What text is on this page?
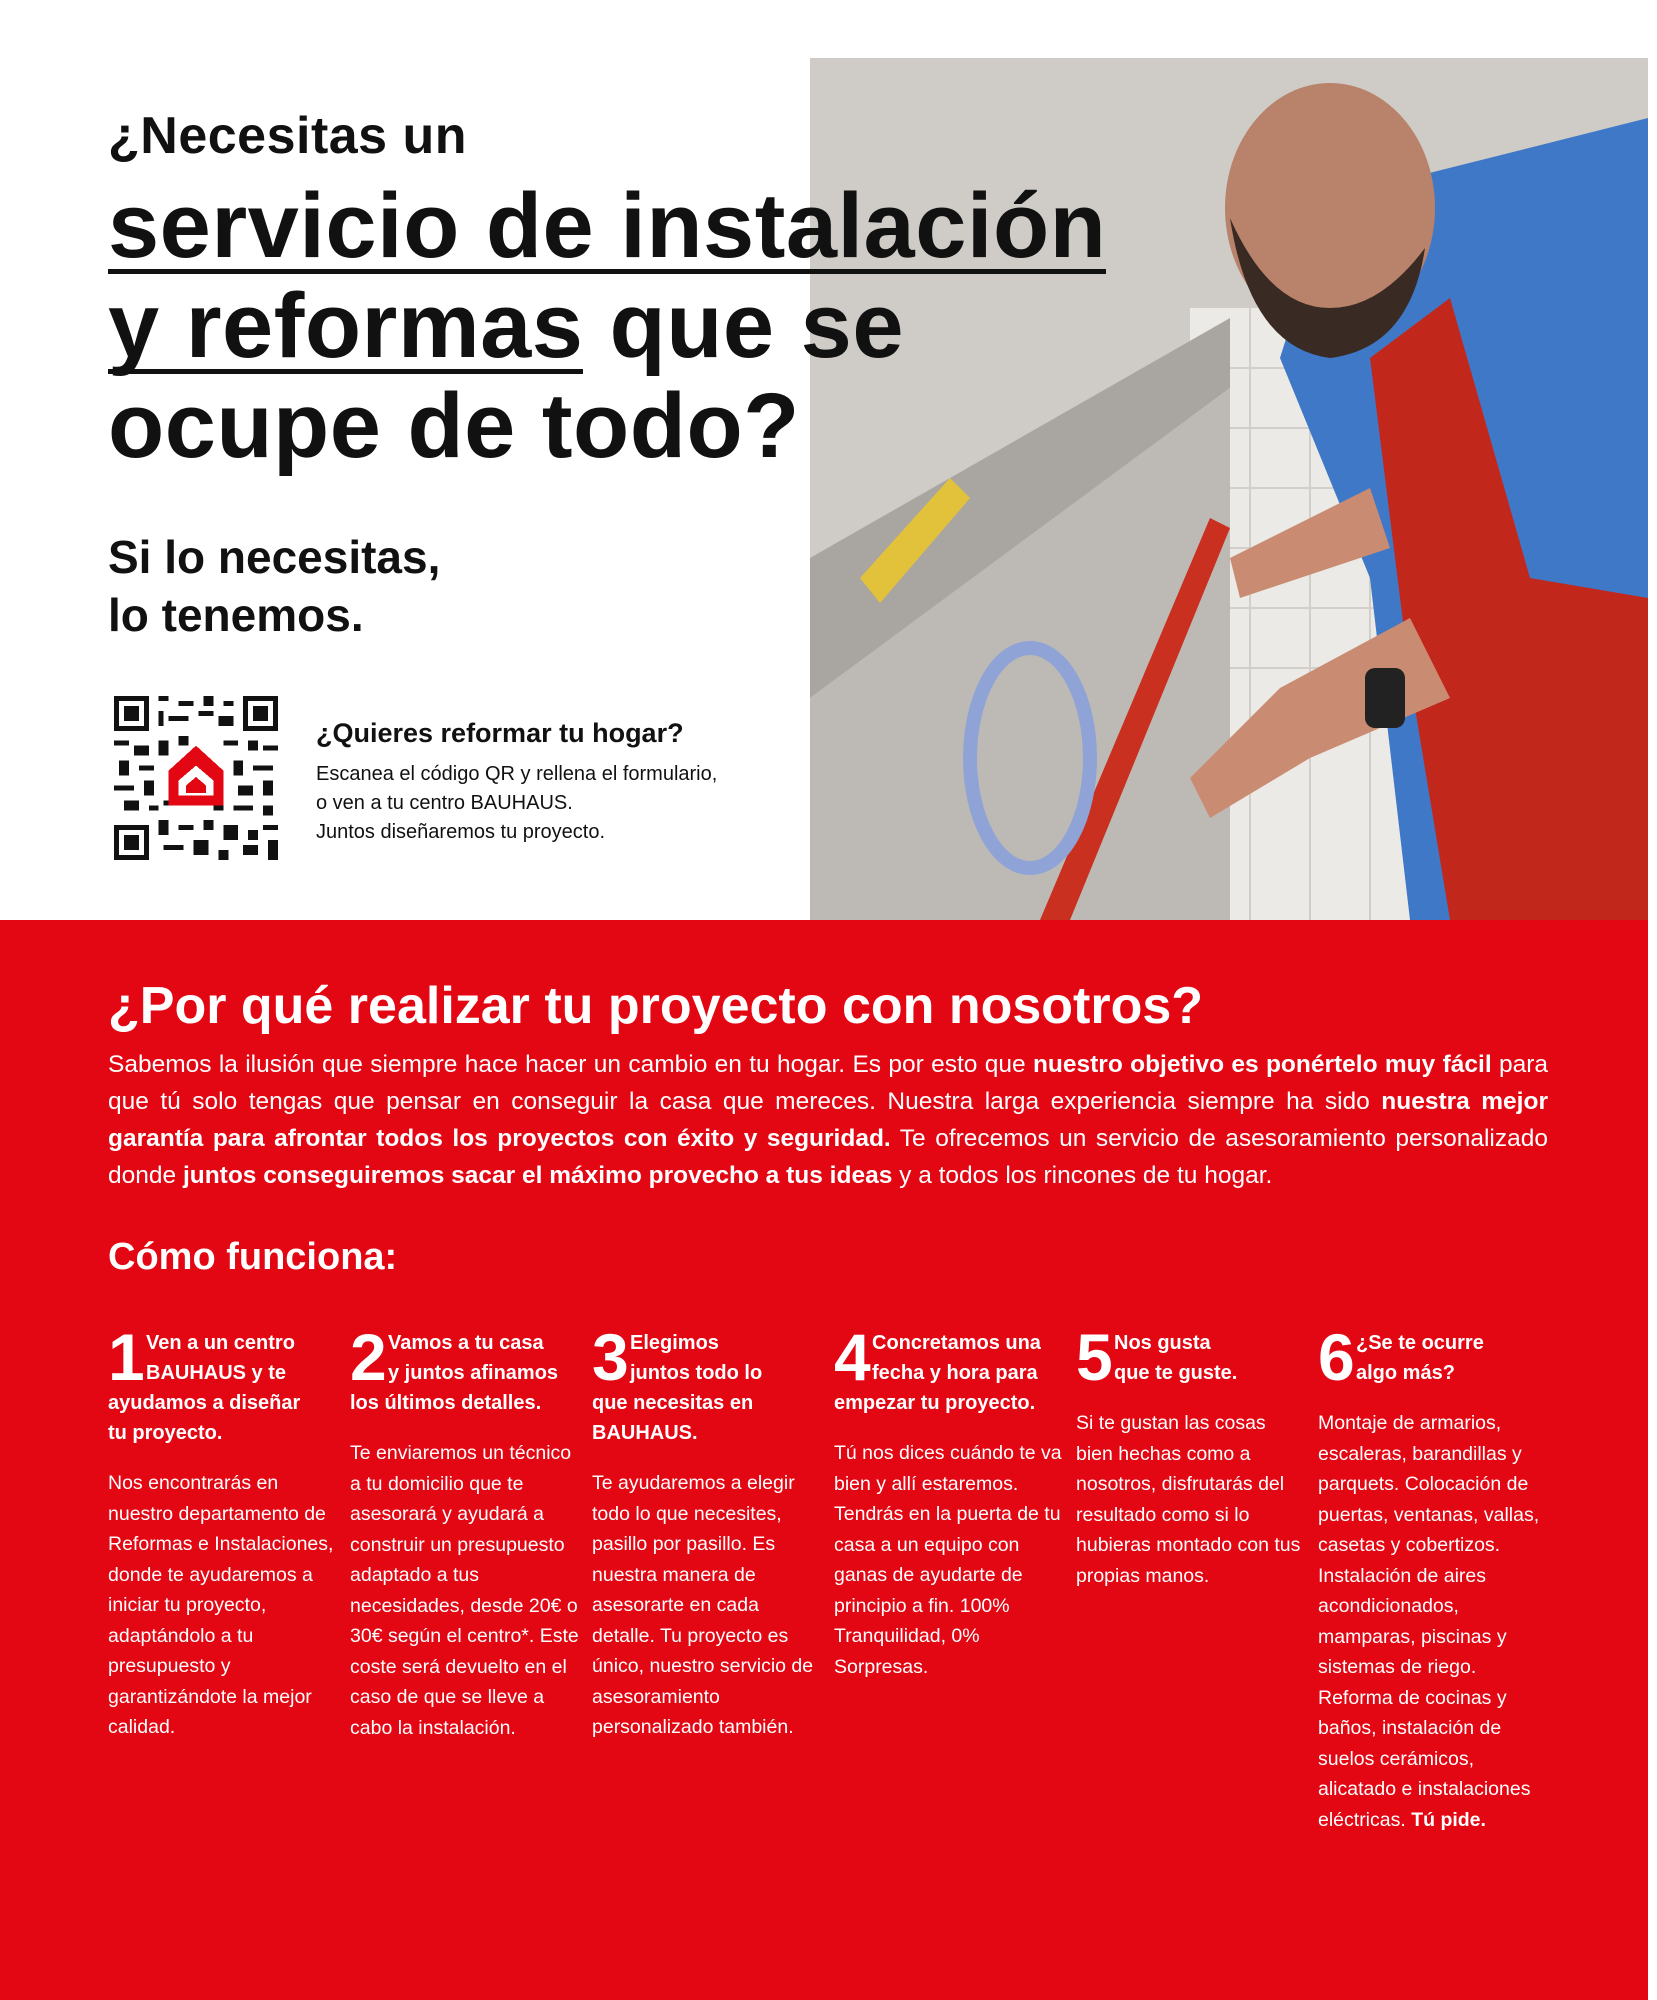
¿Necesitas un
servicio de instalación
y reformas que se
ocupe de todo?
Si lo necesitas,
lo tenemos.
¿Quieres reformar tu hogar?
Escanea el código QR y rellena el formulario,
o ven a tu centro BAUHAUS.
Juntos diseñaremos tu proyecto.
¿Por qué realizar tu proyecto con nosotros?
Sabemos la ilusión que siempre hace hacer un cambio en tu hogar. Es por esto que nuestro objetivo es ponértelo muy fácil para que tú solo tengas que pensar en conseguir la casa que mereces. Nuestra larga experiencia siempre ha sido nuestra mejor garantía para afrontar todos los proyectos con éxito y seguridad. Te ofrecemos un servicio de asesoramiento personalizado donde juntos conseguiremos sacar el máximo provecho a tus ideas y a todos los rincones de tu hogar.
Cómo funciona:
1 Ven a un centro
BAUHAUS y te
ayudamos a diseñar
tu proyecto.
Nos encontrarás en nuestro departamento de Reformas e Instalaciones, donde te ayudaremos a iniciar tu proyecto, adaptándolo a tu presupuesto y garantizándote la mejor calidad.
2 Vamos a tu casa
y juntos afinamos
los últimos detalles.
Te enviaremos un técnico a tu domicilio que te asesorará y ayudará a construir un presupuesto adaptado a tus necesidades, desde 20€ o 30€ según el centro*. Este coste será devuelto en el caso de que se lleve a cabo la instalación.
3 Elegimos
juntos todo lo
que necesitas en
BAUHAUS.
Te ayudaremos a elegir todo lo que necesites, pasillo por pasillo. Es nuestra manera de asesorarte en cada detalle. Tu proyecto es único, nuestro servicio de asesoramiento personalizado también.
4 Concretamos una
fecha y hora para
empezar tu proyecto.
Tú nos dices cuándo te va bien y allí estaremos. Tendrás en la puerta de tu casa a un equipo con ganas de ayudarte de principio a fin. 100% Tranquilidad, 0% Sorpresas.
5 Nos gusta
que te guste.
Si te gustan las cosas bien hechas como a nosotros, disfrutarás del resultado como si lo hubieras montado con tus propias manos.
6 ¿Se te ocurre
algo más?
Montaje de armarios, escaleras, barandillas y parquets. Colocación de puertas, ventanas, vallas, casetas y cobertizos. Instalación de aires acondicionados, mamparas, piscinas y sistemas de riego. Reforma de cocinas y baños, instalación de suelos cerámicos, alicatado e instalaciones eléctricas. Tú pide.
